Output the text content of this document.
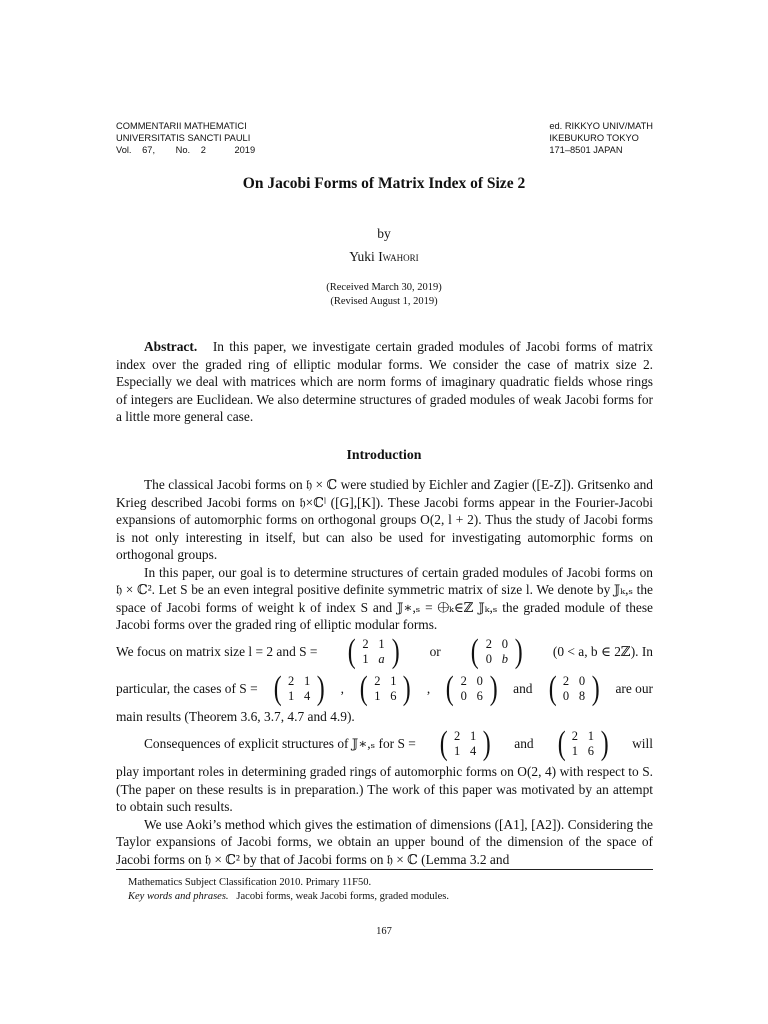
COMMENTARII MATHEMATICI
UNIVERSITATIS SANCTI PAULI
Vol. 67, No. 2	2019
ed. RIKKYO UNIV/MATH
IKEBUKURO TOKYO
171–8501 JAPAN
On Jacobi Forms of Matrix Index of Size 2
by
Yuki Iwahori
(Received March 30, 2019)
(Revised August 1, 2019)
Abstract. In this paper, we investigate certain graded modules of Jacobi forms of matrix index over the graded ring of elliptic modular forms. We consider the case of matrix size 2. Especially we deal with matrices which are norm forms of imaginary quadratic fields whose rings of integers are Euclidean. We also determine structures of graded modules of weak Jacobi forms for a little more general case.
Introduction

The classical Jacobi forms on 𝔥 × ℂ were studied by Eichler and Zagier ([E-Z]). Gritsenko and Krieg described Jacobi forms on 𝔥×ℂˡ ([G],[K]). These Jacobi forms appear in the Fourier-Jacobi expansions of automorphic forms on orthogonal groups O(2, l + 2). Thus the study of Jacobi forms is not only interesting in itself, but can also be used for investigating automorphic forms on orthogonal groups.

In this paper, our goal is to determine structures of certain graded modules of Jacobi forms on 𝔥 × ℂ². Let S be an even integral positive definite symmetric matrix of size l. We denote by 𝕁ₖ,ₛ the space of Jacobi forms of weight k of index S and 𝕁∗,ₛ = ⨁ₖ∈ℤ 𝕁ₖ,ₛ the graded module of these Jacobi forms over the graded ring of elliptic modular forms.

We focus on matrix size l = 2 and S = ( 2 1
1 a ) or ( 2 0
0 b ) (0 < a, b ∈ 2ℤ). In

particular, the cases of S = ( 2 1
1 4 ) , ( 2 1
1 6 ) , ( 2 0
0 6 ) and ( 2 0
0 8 ) are our

main results (Theorem 3.6, 3.7, 4.7 and 4.9).

Consequences of explicit structures of 𝕁∗,ₛ for S = ( 2 1
1 4 ) and ( 2 1
1 6 ) will

play important roles in determining graded rings of automorphic forms on O(2, 4) with respect to S. (The paper on these results is in preparation.) The work of this paper was motivated by an attempt to obtain such results.

We use Aoki’s method which gives the estimation of dimensions ([A1], [A2]). Considering the Taylor expansions of Jacobi forms, we obtain an upper bound of the dimension of the space of Jacobi forms on 𝔥 × ℂ² by that of Jacobi forms on 𝔥 × ℂ (Lemma 3.2 and

Mathematics Subject Classification 2010. Primary 11F50.
Key words and phrases. Jacobi forms, weak Jacobi forms, graded modules.
167
